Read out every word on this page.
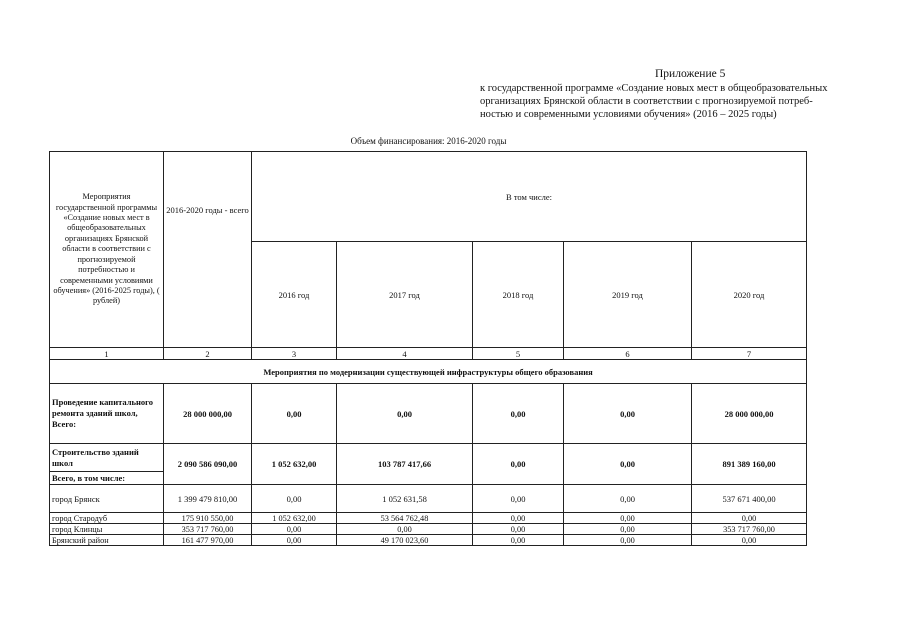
Приложение 5
к государственной программе «Создание новых мест в общеобразовательных
организациях Брянской области в соответствии с прогнозируемой потреб-
ностью и современными условиями обучения» (2016 – 2025 годы)
Объем финансирования: 2016-2020 годы
Мероприятия государственной программы «Создание новых мест в общеобразовательных организациях Брянской области в соответствии с прогнозируемой потребностью и современными условиями обучения» (2016-2025 годы), ( рублей)	2016-2020 годы - всего	В том числе:				
		2016 год	2017 год	2018 год	2019 год	2020 год
1	2	3	4	5	6	7
Мероприятия по модернизации существующей инфраструктуры общего образования						
Проведение капитального ремонта зданий школ, Всего:	28 000 000,00	0,00	0,00	0,00	0,00	28 000 000,00
Строительство зданий школ	2 090 586 090,00	1 052 632,00	103 787 417,66	0,00	0,00	891 389 160,00
Всего, в том числе:						
город Брянск	1 399 479 810,00	0,00	1 052 631,58	0,00	0,00	537 671 400,00
город Стародуб	175 910 550,00	1 052 632,00	53 564 762,48	0,00	0,00	0,00
город Клинцы	353 717 760,00	0,00	0,00	0,00	0,00	353 717 760,00
Брянский район	161 477 970,00	0,00	49 170 023,60	0,00	0,00	0,00
